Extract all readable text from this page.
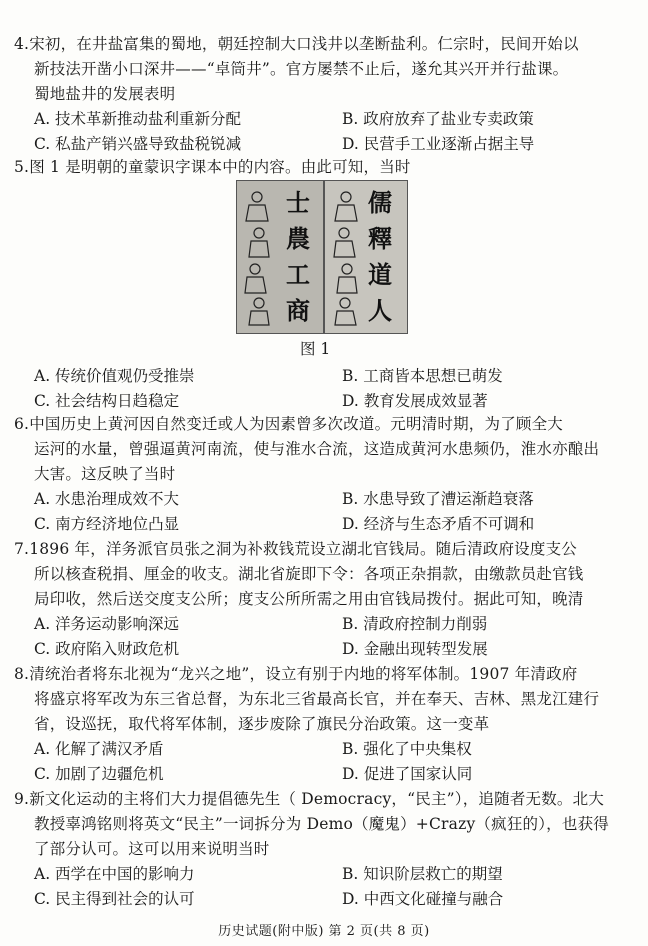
4.宋初，在井盐富集的蜀地，朝廷控制大口浅井以垄断盐利。仁宗时，民间开始以
新技法开凿小口深井——“卓筒井”。官方屡禁不止后，遂允其兴开并行盐课。
蜀地盐井的发展表明
A. 技术革新推动盐利重新分配	B. 政府放弃了盐业专卖政策
C. 私盐产销兴盛导致盐税锐减	D. 民营手工业逐渐占据主导
5.图 1 是明朝的童蒙识字课本中的内容。由此可知，当时
士
農
工
商
儒
釋
道
人
图 1
A. 传统价值观仍受推崇	B. 工商皆本思想已萌发
C. 社会结构日趋稳定	D. 教育发展成效显著
6.中国历史上黄河因自然变迁或人为因素曾多次改道。元明清时期，为了顾全大
运河的水量，曾强逼黄河南流，使与淮水合流，这造成黄河水患频仍，淮水亦酿出
大害。这反映了当时
A. 水患治理成效不大	B. 水患导致了漕运渐趋衰落
C. 南方经济地位凸显	D. 经济与生态矛盾不可调和
7.1896 年，洋务派官员张之洞为补救钱荒设立湖北官钱局。随后清政府设度支公
所以核查税捐、厘金的收支。湖北省旋即下令：各项正杂捐款，由缴款员赴官钱
局印收，然后送交度支公所；度支公所所需之用由官钱局拨付。据此可知，晚清
A. 洋务运动影响深远	B. 清政府控制力削弱
C. 政府陷入财政危机	D. 金融出现转型发展
8.清统治者将东北视为“龙兴之地”，设立有别于内地的将军体制。1907 年清政府
将盛京将军改为东三省总督，为东北三省最高长官，并在奉天、吉林、黑龙江建行
省，设巡抚，取代将军体制，逐步废除了旗民分治政策。这一变革
A. 化解了满汉矛盾	B. 强化了中央集权
C. 加剧了边疆危机	D. 促进了国家认同
9.新文化运动的主将们大力提倡德先生（ Democracy，“民主”），追随者无数。北大
教授辜鸿铭则将英文“民主”一词拆分为 Demo（魔鬼）+Crazy（疯狂的），也获得
了部分认可。这可以用来说明当时
A. 西学在中国的影响力	B. 知识阶层救亡的期望
C. 民主得到社会的认可	D. 中西文化碰撞与融合
历史试题(附中版) 第 2 页(共 8 页)
